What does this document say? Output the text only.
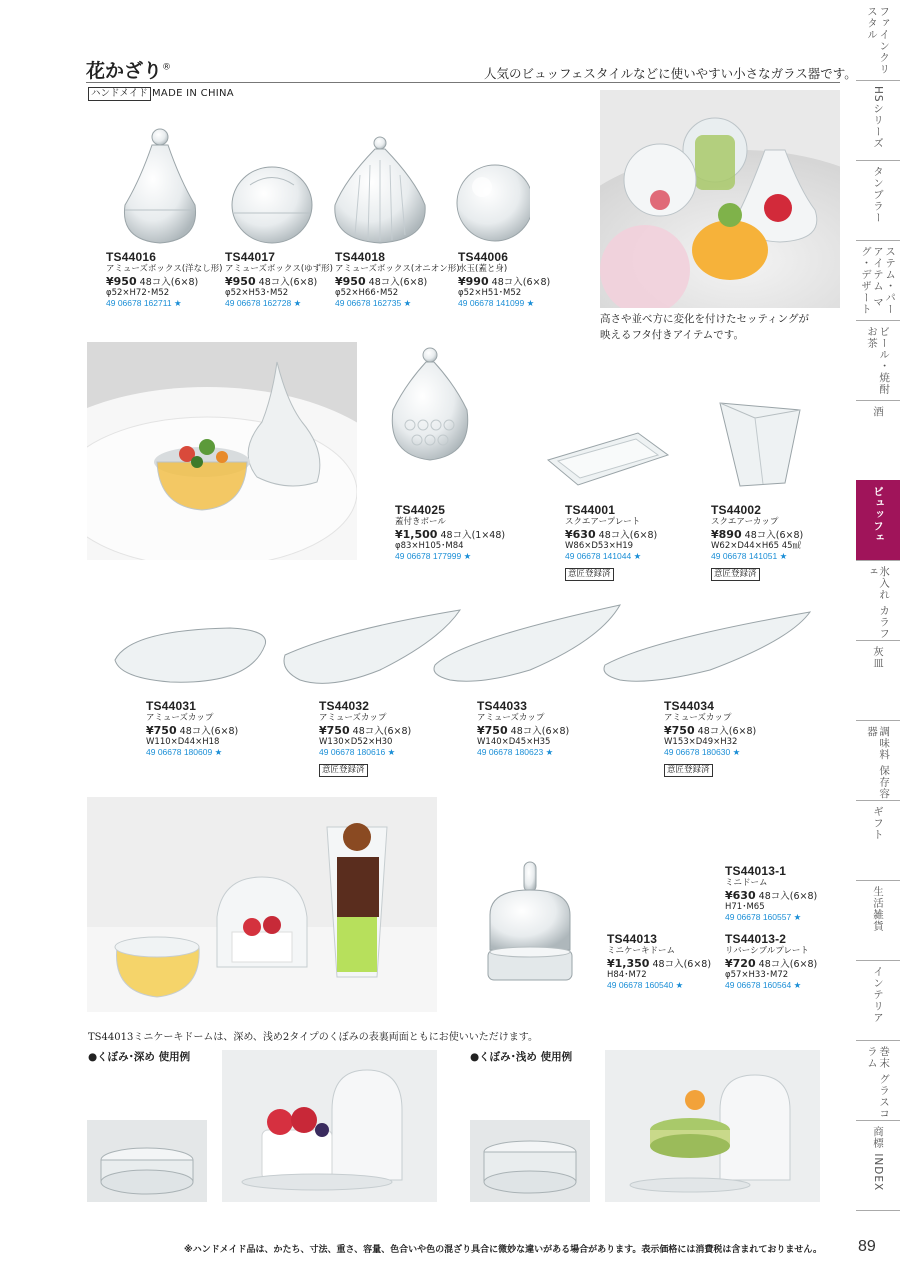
花かざり®	人気のビュッフェスタイルなどに使いやすい小さなガラス器です。
ハンドメイド MADE IN CHINA
TS44016
アミューズボックス(洋なし形)
¥950 48コ入(6×8)
φ52×H72･M52
49 06678 162711 ★
TS44017
アミューズボックス(ゆず形)
¥950 48コ入(6×8)
φ52×H53･M52
49 06678 162728 ★
TS44018
アミューズボックス(オニオン形)
¥950 48コ入(6×8)
φ52×H66･M52
49 06678 162735 ★
TS44006
水玉(蓋と身)
¥990 48コ入(6×8)
φ52×H51･M52
49 06678 141099 ★
高さや並べ方に変化を付けたセッティングが
映えるフタ付きアイテムです。
TS44025
蓋付きボール
¥1,500 48コ入(1×48)
φ83×H105･M84
49 06678 177999 ★
TS44001
スクエアープレート
¥630 48コ入(6×8)
W86×D53×H19
49 06678 141044 ★
意匠登録済
TS44002
スクエアーカップ
¥890 48コ入(6×8)
W62×D44×H65 45㎖
49 06678 141051 ★
意匠登録済
TS44031
アミューズカップ
¥750 48コ入(6×8)
W110×D44×H18
49 06678 180609 ★
TS44032
アミューズカップ
¥750 48コ入(6×8)
W130×D52×H30
49 06678 180616 ★
意匠登録済
TS44033
アミューズカップ
¥750 48コ入(6×8)
W140×D45×H35
49 06678 180623 ★
TS44034
アミューズカップ
¥750 48コ入(6×8)
W153×D49×H32
49 06678 180630 ★
意匠登録済
TS44013-1
ミニドーム
¥630 48コ入(6×8)
H71･M65
49 06678 160557 ★
TS44013
ミニケーキドーム
¥1,350 48コ入(6×8)
H84･M72
49 06678 160540 ★
TS44013-2
リバーシブルプレート
¥720 48コ入(6×8)
φ57×H33･M72
49 06678 160564 ★
TS44013ミニケーキドームは、深め、浅め2タイプのくぼみの表裏両面ともにお使いいただけます。
●くぼみ･深め 使用例	●くぼみ･浅め 使用例
※ハンドメイド品は、かたち、寸法、重さ、容量、色合いや色の混ざり具合に微妙な違いがある場合があります。表示価格には消費税は含まれておりません。 89
ファインクリスタル
HSシリーズ
タンブラー
ステム・パーアイテム マグ・デザート
ビール・焼酎 お茶
酒
ビュッフェ
氷入れ カラフェ
灰皿
調味料 保存容器
ギフト
生活雑貨
インテリア
巻末 グラスコラム
商標 INDEX
